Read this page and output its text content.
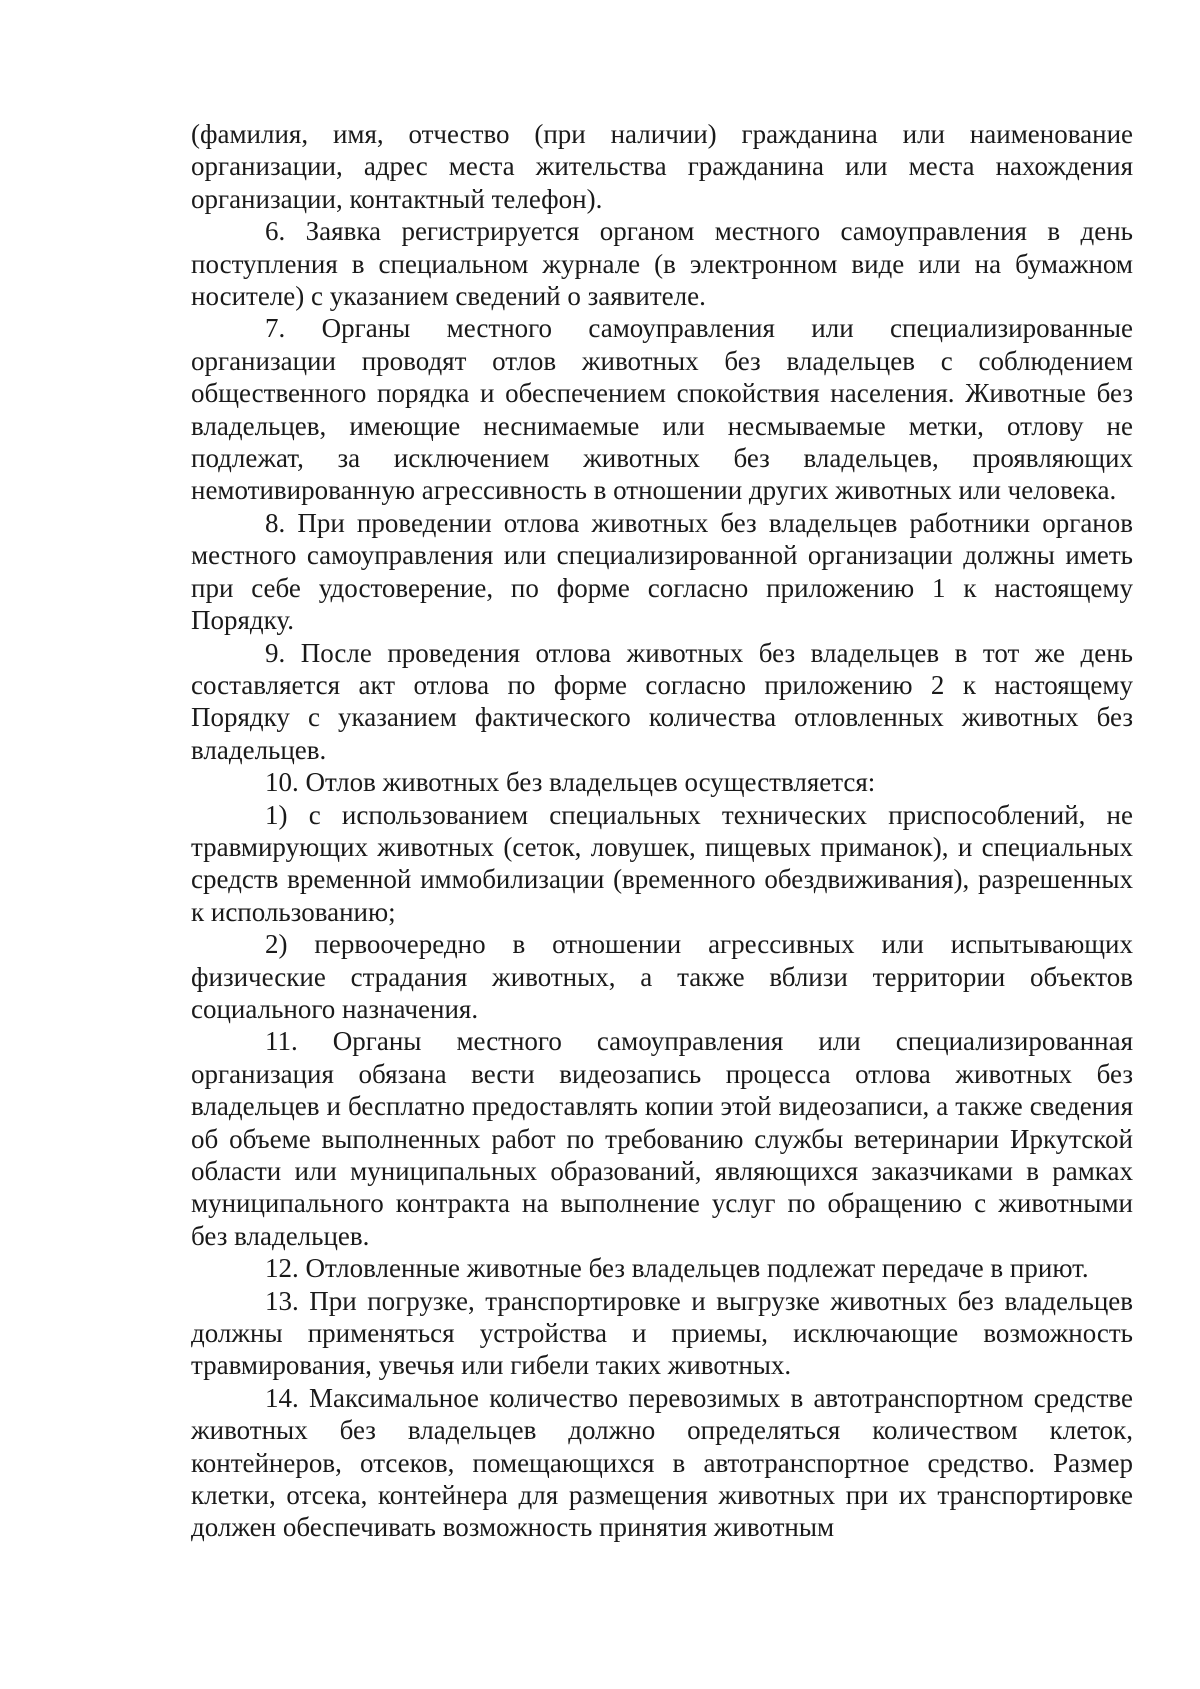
(фамилия, имя, отчество (при наличии) гражданина или наименование организации, адрес места жительства гражданина или места нахождения организации, контактный телефон).

6. Заявка регистрируется органом местного самоуправления в день поступления в специальном журнале (в электронном виде или на бумажном носителе) с указанием сведений о заявителе.

7. Органы местного самоуправления или специализированные организации проводят отлов животных без владельцев с соблюдением общественного порядка и обеспечением спокойствия населения. Животные без владельцев, имеющие неснимаемые или несмываемые метки, отлову не подлежат, за исключением животных без владельцев, проявляющих немотивированную агрессивность в отношении других животных или человека.

8. При проведении отлова животных без владельцев работники органов местного самоуправления или специализированной организации должны иметь при себе удостоверение, по форме согласно приложению 1 к настоящему Порядку.

9. После проведения отлова животных без владельцев в тот же день составляется акт отлова по форме согласно приложению 2 к настоящему Порядку с указанием фактического количества отловленных животных без владельцев.

10. Отлов животных без владельцев осуществляется:

1) с использованием специальных технических приспособлений, не травмирующих животных (сеток, ловушек, пищевых приманок), и специальных средств временной иммобилизации (временного обездвиживания), разрешенных к использованию;

2) первоочередно в отношении агрессивных или испытывающих физические страдания животных, а также вблизи территории объектов социального назначения.

11. Органы местного самоуправления или специализированная организация обязана вести видеозапись процесса отлова животных без владельцев и бесплатно предоставлять копии этой видеозаписи, а также сведения об объеме выполненных работ по требованию службы ветеринарии Иркутской области или муниципальных образований, являющихся заказчиками в рамках муниципального контракта на выполнение услуг по обращению с животными без владельцев.

12. Отловленные животные без владельцев подлежат передаче в приют.

13. При погрузке, транспортировке и выгрузке животных без владельцев должны применяться устройства и приемы, исключающие возможность травмирования, увечья или гибели таких животных.

14. Максимальное количество перевозимых в автотранспортном средстве животных без владельцев должно определяться количеством клеток, контейнеров, отсеков, помещающихся в автотранспортное средство. Размер клетки, отсека, контейнера для размещения животных при их транспортировке должен обеспечивать возможность принятия животным
